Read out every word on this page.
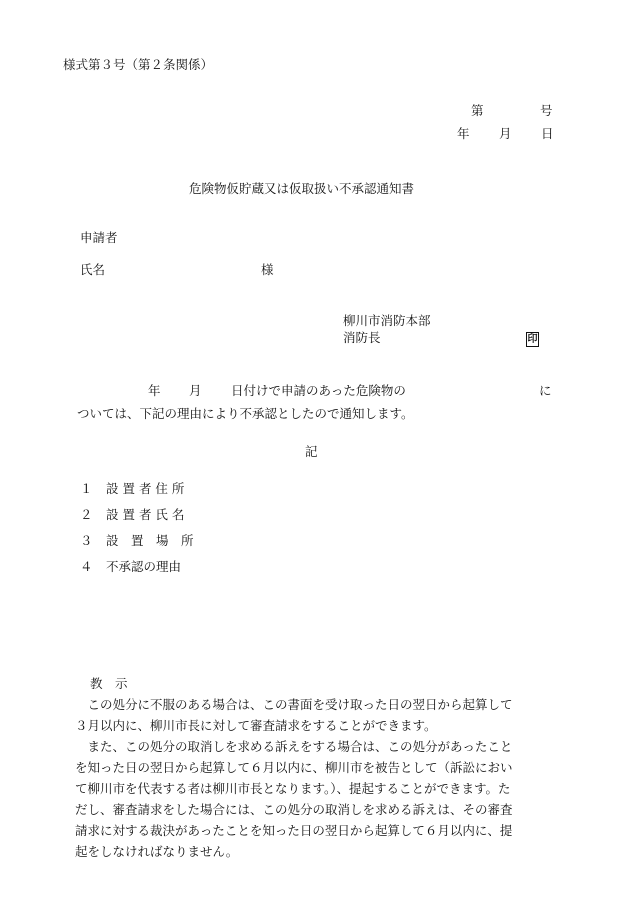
様式第３号（第２条関係）
第	号
年 月 日
危険物仮貯蔵又は仮取扱い不承認通知書
申請者
氏名	様
柳川市消防本部
消防長	印
年 月 日付けで申請のあった危険物の	に
ついては、下記の理由により不承認としたので通知します。
記
１ 設 置 者 住 所
２ 設 置 者 氏 名
３ 設　置　場　所
４ 不承認の理由
教　示
　この処分に不服のある場合は、この書面を受け取った日の翌日から起算して
３月以内に、柳川市長に対して審査請求をすることができます。
　また、この処分の取消しを求める訴えをする場合は、この処分があったこと
を知った日の翌日から起算して６月以内に、柳川市を被告として（訴訟におい
て柳川市を代表する者は柳川市長となります。）、提起することができます。た
だし、審査請求をした場合には、この処分の取消しを求める訴えは、その審査
請求に対する裁決があったことを知った日の翌日から起算して６月以内に、提
起をしなければなりません。
